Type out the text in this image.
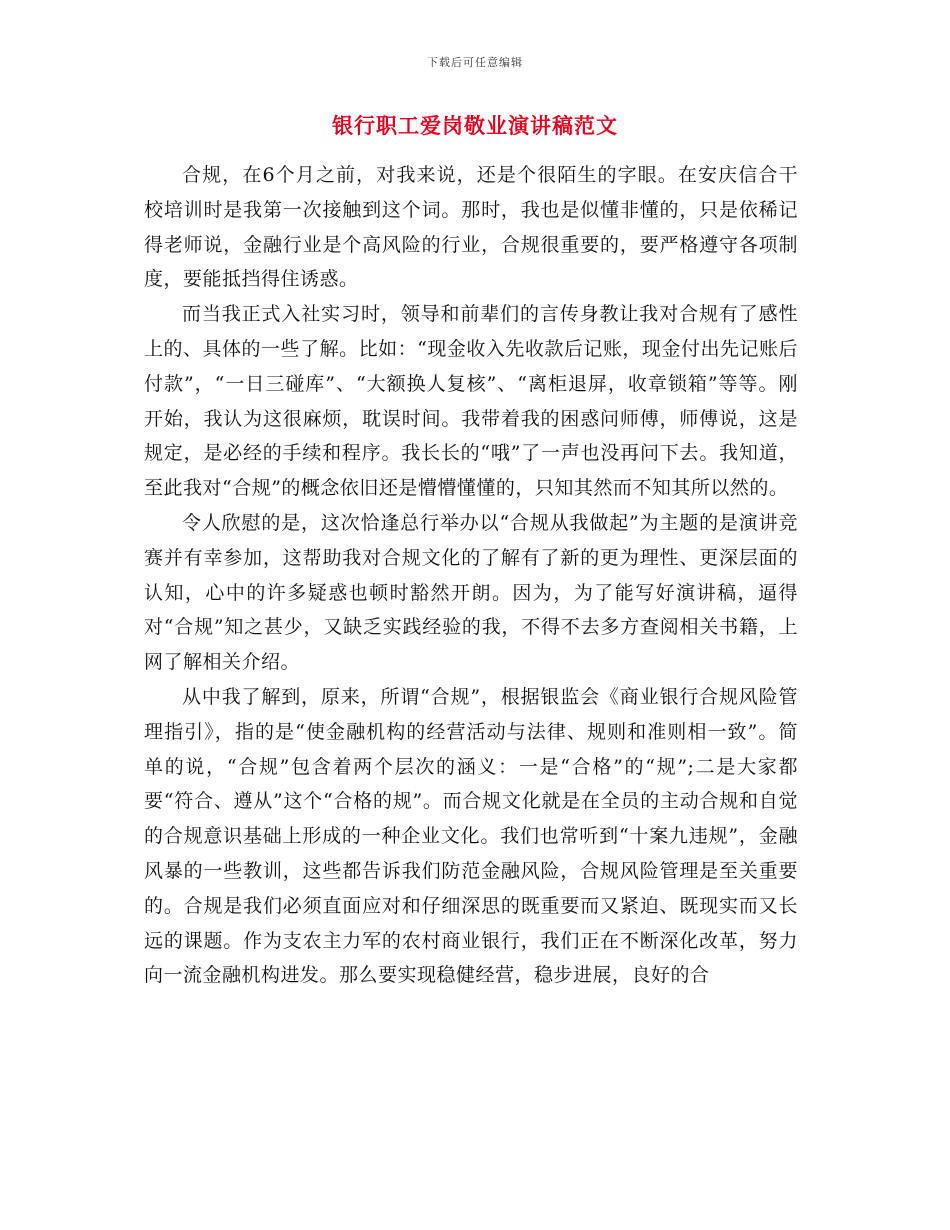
下载后可任意编辑
银行职工爱岗敬业演讲稿范文

合规，在6个月之前，对我来说，还是个很陌生的字眼。在安庆信合干校培训时是我第一次接触到这个词。那时，我也是似懂非懂的，只是依稀记得老师说，金融行业是个高风险的行业，合规很重要的，要严格遵守各项制度，要能抵挡得住诱惑。

而当我正式入社实习时，领导和前辈们的言传身教让我对合规有了感性上的、具体的一些了解。比如：“现金收入先收款后记账，现金付出先记账后付款”，“一日三碰库”、“大额换人复核”、“离柜退屏，收章锁箱”等等。刚开始，我认为这很麻烦，耽误时间。我带着我的困惑问师傅，师傅说，这是规定，是必经的手续和程序。我长长的“哦”了一声也没再问下去。我知道，至此我对“合规”的概念依旧还是懵懵懂懂的，只知其然而不知其所以然的。

令人欣慰的是，这次恰逢总行举办以“合规从我做起”为主题的是演讲竞赛并有幸参加，这帮助我对合规文化的了解有了新的更为理性、更深层面的认知，心中的许多疑惑也顿时豁然开朗。因为，为了能写好演讲稿，逼得对“合规”知之甚少，又缺乏实践经验的我，不得不去多方查阅相关书籍，上网了解相关介绍。

从中我了解到，原来，所谓“合规”，根据银监会《商业银行合规风险管理指引》，指的是“使金融机构的经营活动与法律、规则和准则相一致”。简单的说，“合规”包含着两个层次的涵义：一是“合格”的“规”;二是大家都要“符合、遵从”这个“合格的规”。而合规文化就是在全员的主动合规和自觉的合规意识基础上形成的一种企业文化。我们也常听到“十案九违规”，金融风暴的一些教训，这些都告诉我们防范金融风险，合规风险管理是至关重要的。合规是我们必须直面应对和仔细深思的既重要而又紧迫、既现实而又长远的课题。作为支农主力军的农村商业银行，我们正在不断深化改革，努力向一流金融机构进发。那么要实现稳健经营，稳步进展，良好的合
